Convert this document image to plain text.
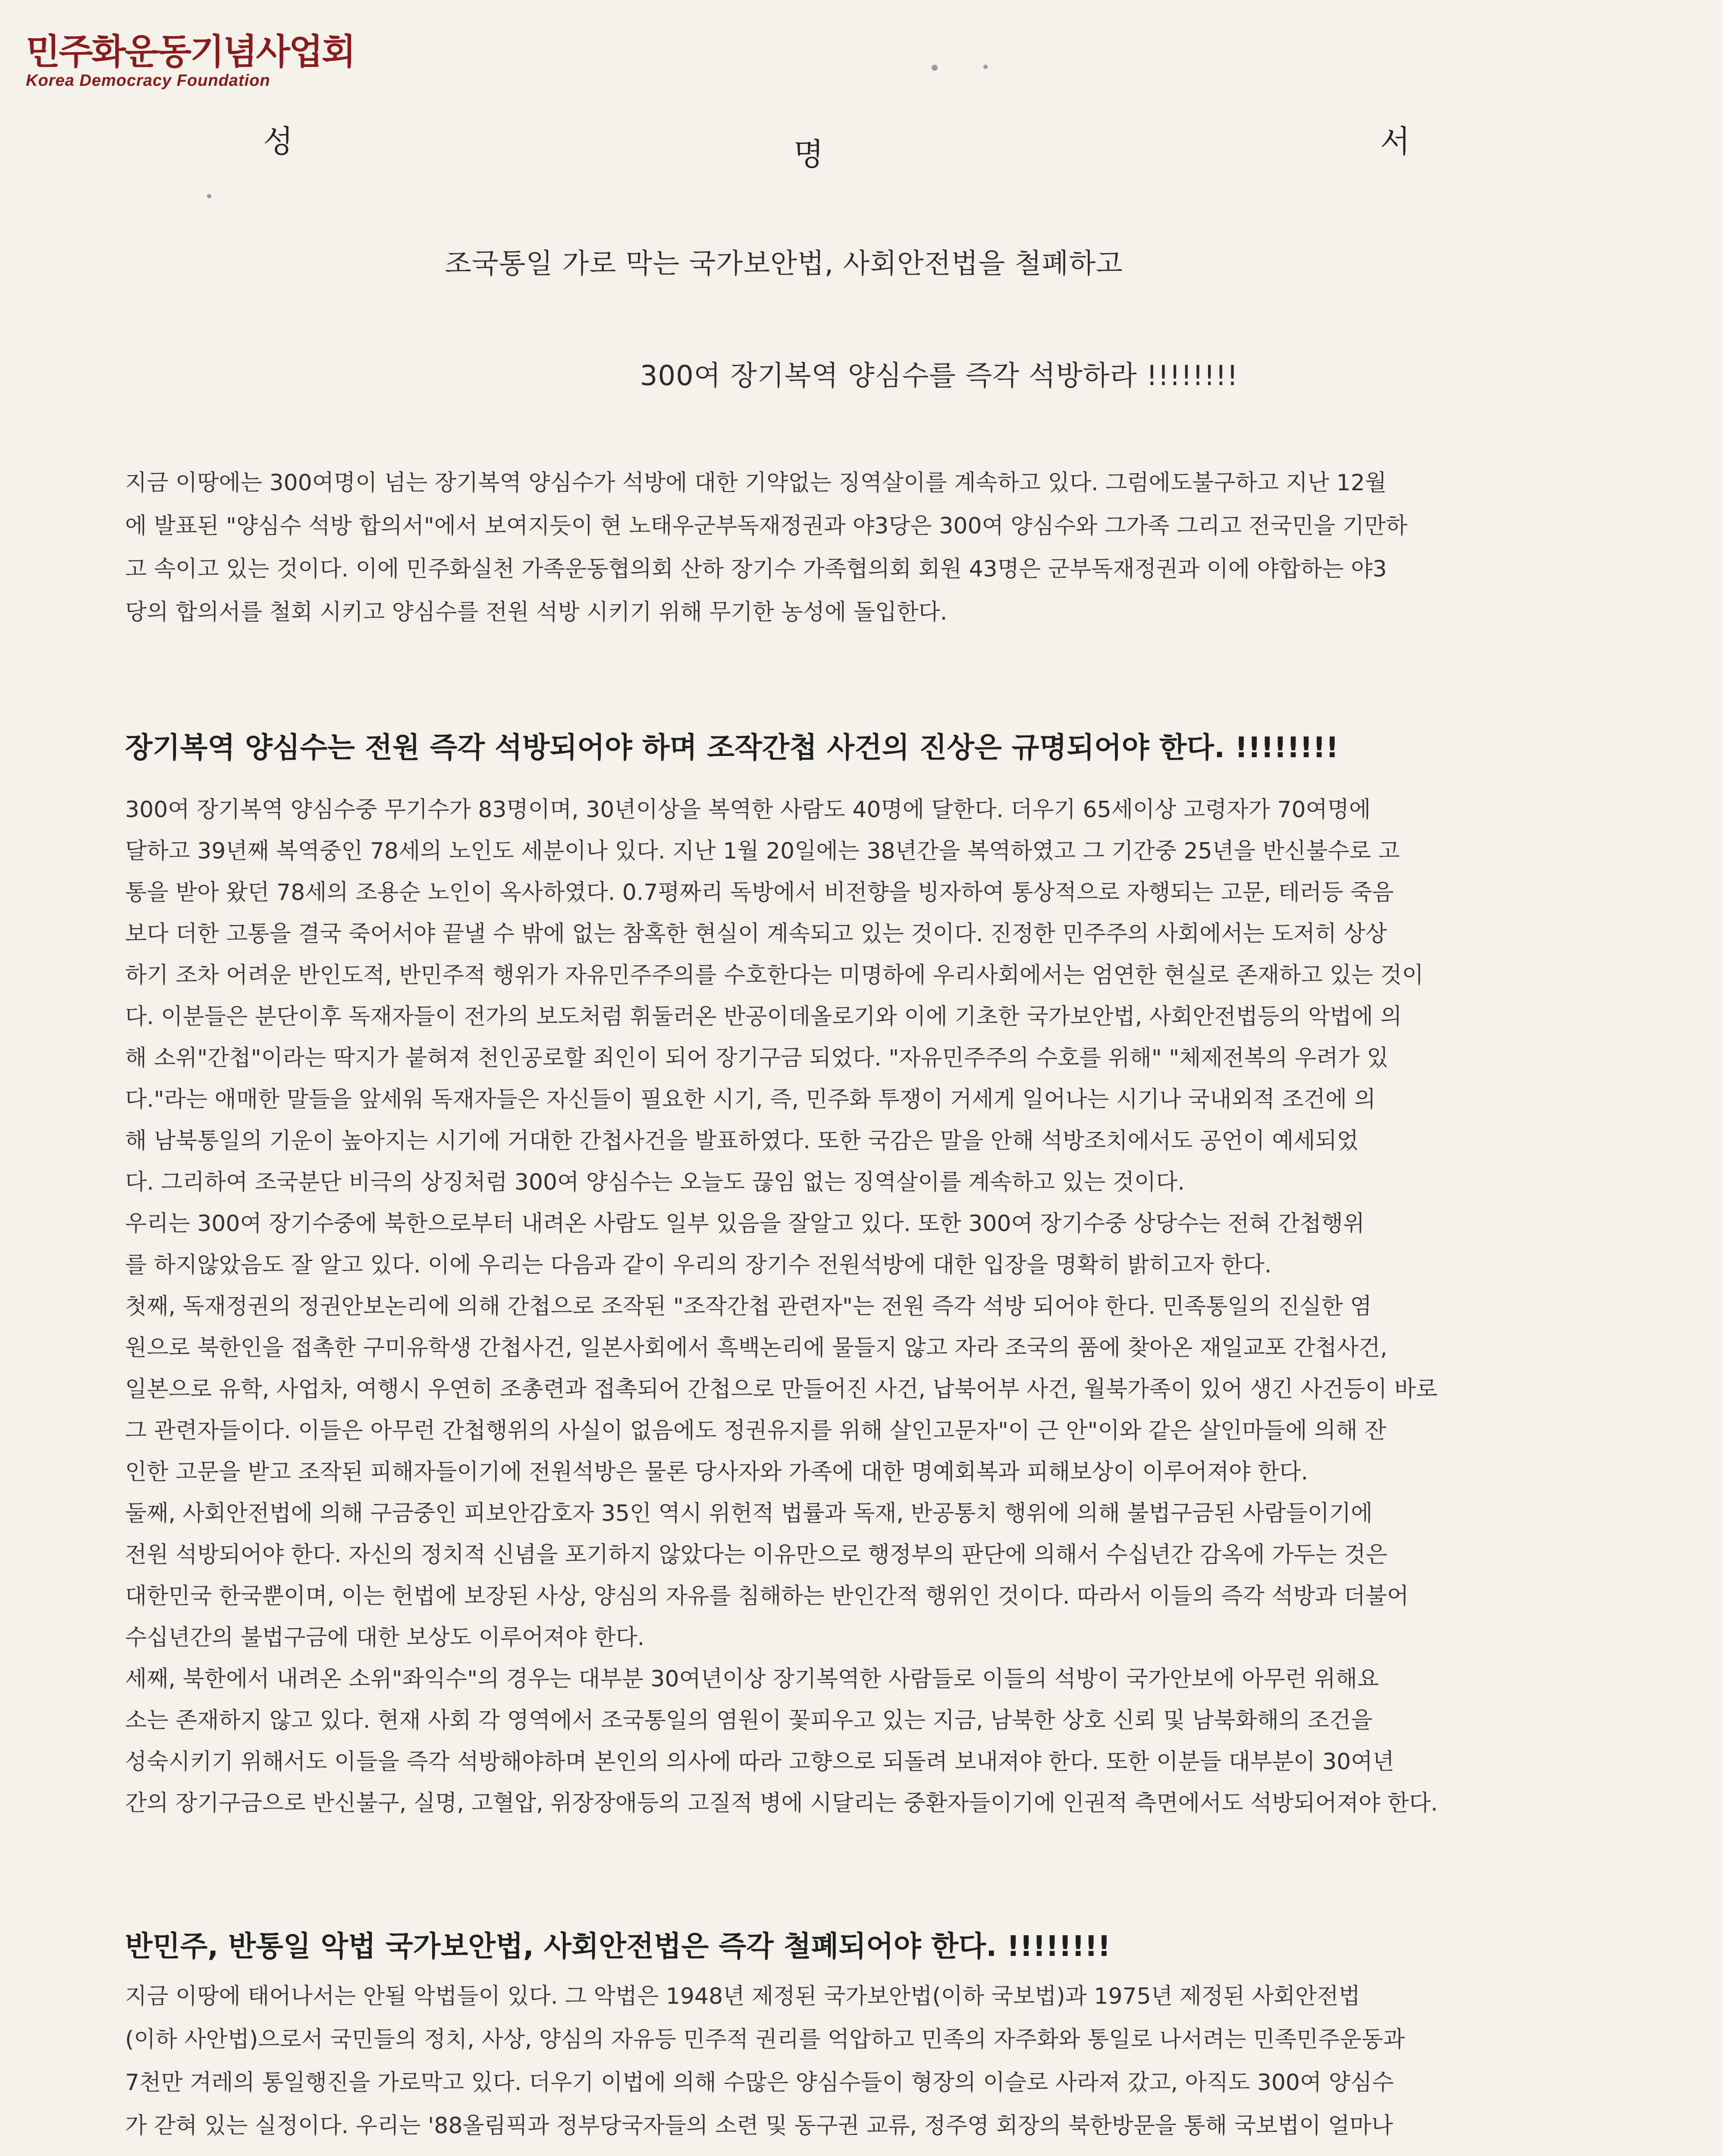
민주화운동기념사업회
Korea Democracy Foundation
성	명	서
조국통일 가로 막는 국가보안법, 사회안전법을 철폐하고
300여 장기복역 양심수를 즉각 석방하라 !!!!!!!!

지금 이땅에는 300여명이 넘는 장기복역 양심수가 석방에 대한 기약없는 징역살이를 계속하고 있다. 그럼에도불구하고 지난 12월

에 발표된 "양심수 석방 합의서"에서 보여지듯이 현 노태우군부독재정권과 야3당은 300여 양심수와 그가족 그리고 전국민을 기만하

고 속이고 있는 것이다. 이에 민주화실천 가족운동협의회 산하 장기수 가족협의회 회원 43명은 군부독재정권과 이에 야합하는 야3

당의 합의서를 철회 시키고 양심수를 전원 석방 시키기 위해 무기한 농성에 돌입한다.

장기복역 양심수는 전원 즉각 석방되어야 하며 조작간첩 사건의 진상은 규명되어야 한다. !!!!!!!!

300여 장기복역 양심수중 무기수가 83명이며, 30년이상을 복역한 사람도 40명에 달한다. 더우기 65세이상 고령자가 70여명에

달하고 39년째 복역중인 78세의 노인도 세분이나 있다. 지난 1월 20일에는 38년간을 복역하였고 그 기간중 25년을 반신불수로 고

통을 받아 왔던 78세의 조용순 노인이 옥사하였다. 0.7평짜리 독방에서 비전향을 빙자하여 통상적으로 자행되는 고문, 테러등 죽음

보다 더한 고통을 결국 죽어서야 끝낼 수 밖에 없는 참혹한 현실이 계속되고 있는 것이다. 진정한 민주주의 사회에서는 도저히 상상

하기 조차 어려운 반인도적, 반민주적 행위가 자유민주주의를 수호한다는 미명하에 우리사회에서는 엄연한 현실로 존재하고 있는 것이

다. 이분들은 분단이후 독재자들이 전가의 보도처럼 휘둘러온 반공이데올로기와 이에 기초한 국가보안법, 사회안전법등의 악법에 의

해 소위"간첩"이라는 딱지가 붙혀져 천인공로할 죄인이 되어 장기구금 되었다. "자유민주주의 수호를 위해" "체제전복의 우려가 있

다."라는 애매한 말들을 앞세워 독재자들은 자신들이 필요한 시기, 즉, 민주화 투쟁이 거세게 일어나는 시기나 국내외적 조건에 의

해 남북통일의 기운이 높아지는 시기에 거대한 간첩사건을 발표하였다. 또한 국감은 말을 안해 석방조치에서도 공언이 예세되었

다. 그리하여 조국분단 비극의 상징처럼 300여 양심수는 오늘도 끊임 없는 징역살이를 계속하고 있는 것이다.

우리는 300여 장기수중에 북한으로부터 내려온 사람도 일부 있음을 잘알고 있다. 또한 300여 장기수중 상당수는 전혀 간첩행위

를 하지않았음도 잘 알고 있다. 이에 우리는 다음과 같이 우리의 장기수 전원석방에 대한 입장을 명확히 밝히고자 한다.

첫째, 독재정권의 정권안보논리에 의해 간첩으로 조작된 "조작간첩 관련자"는 전원 즉각 석방 되어야 한다. 민족통일의 진실한 염

원으로 북한인을 접촉한 구미유학생 간첩사건, 일본사회에서 흑백논리에 물들지 않고 자라 조국의 품에 찾아온 재일교포 간첩사건,

일본으로 유학, 사업차, 여행시 우연히 조총련과 접촉되어 간첩으로 만들어진 사건, 납북어부 사건, 월북가족이 있어 생긴 사건등이 바로

그 관련자들이다. 이들은 아무런 간첩행위의 사실이 없음에도 정권유지를 위해 살인고문자"이 근 안"이와 같은 살인마들에 의해 잔

인한 고문을 받고 조작된 피해자들이기에 전원석방은 물론 당사자와 가족에 대한 명예회복과 피해보상이 이루어져야 한다.

둘째, 사회안전법에 의해 구금중인 피보안감호자 35인 역시 위헌적 법률과 독재, 반공통치 행위에 의해 불법구금된 사람들이기에

전원 석방되어야 한다. 자신의 정치적 신념을 포기하지 않았다는 이유만으로 행정부의 판단에 의해서 수십년간 감옥에 가두는 것은

대한민국 한국뿐이며, 이는 헌법에 보장된 사상, 양심의 자유를 침해하는 반인간적 행위인 것이다. 따라서 이들의 즉각 석방과 더불어

수십년간의 불법구금에 대한 보상도 이루어져야 한다.

세째, 북한에서 내려온 소위"좌익수"의 경우는 대부분 30여년이상 장기복역한 사람들로 이들의 석방이 국가안보에 아무런 위해요

소는 존재하지 않고 있다. 현재 사회 각 영역에서 조국통일의 염원이 꽃피우고 있는 지금, 남북한 상호 신뢰 및 남북화해의 조건을

성숙시키기 위해서도 이들을 즉각 석방해야하며 본인의 의사에 따라 고향으로 되돌려 보내져야 한다. 또한 이분들 대부분이 30여년

간의 장기구금으로 반신불구, 실명, 고혈압, 위장장애등의 고질적 병에 시달리는 중환자들이기에 인권적 측면에서도 석방되어져야 한다.

반민주, 반통일 악법 국가보안법, 사회안전법은 즉각 철폐되어야 한다. !!!!!!!!

지금 이땅에 태어나서는 안될 악법들이 있다. 그 악법은 1948년 제정된 국가보안법(이하 국보법)과 1975년 제정된 사회안전법

(이하 사안법)으로서 국민들의 정치, 사상, 양심의 자유등 민주적 권리를 억압하고 민족의 자주화와 통일로 나서려는 민족민주운동과

7천만 겨레의 통일행진을 가로막고 있다. 더우기 이법에 의해 수많은 양심수들이 형장의 이슬로 사라져 갔고, 아직도 300여 양심수

가 갇혀 있는 실정이다. 우리는 '88올림픽과 정부당국자들의 소련 및 동구권 교류, 정주영 회장의 북한방문을 통해 국보법이 얼마나
